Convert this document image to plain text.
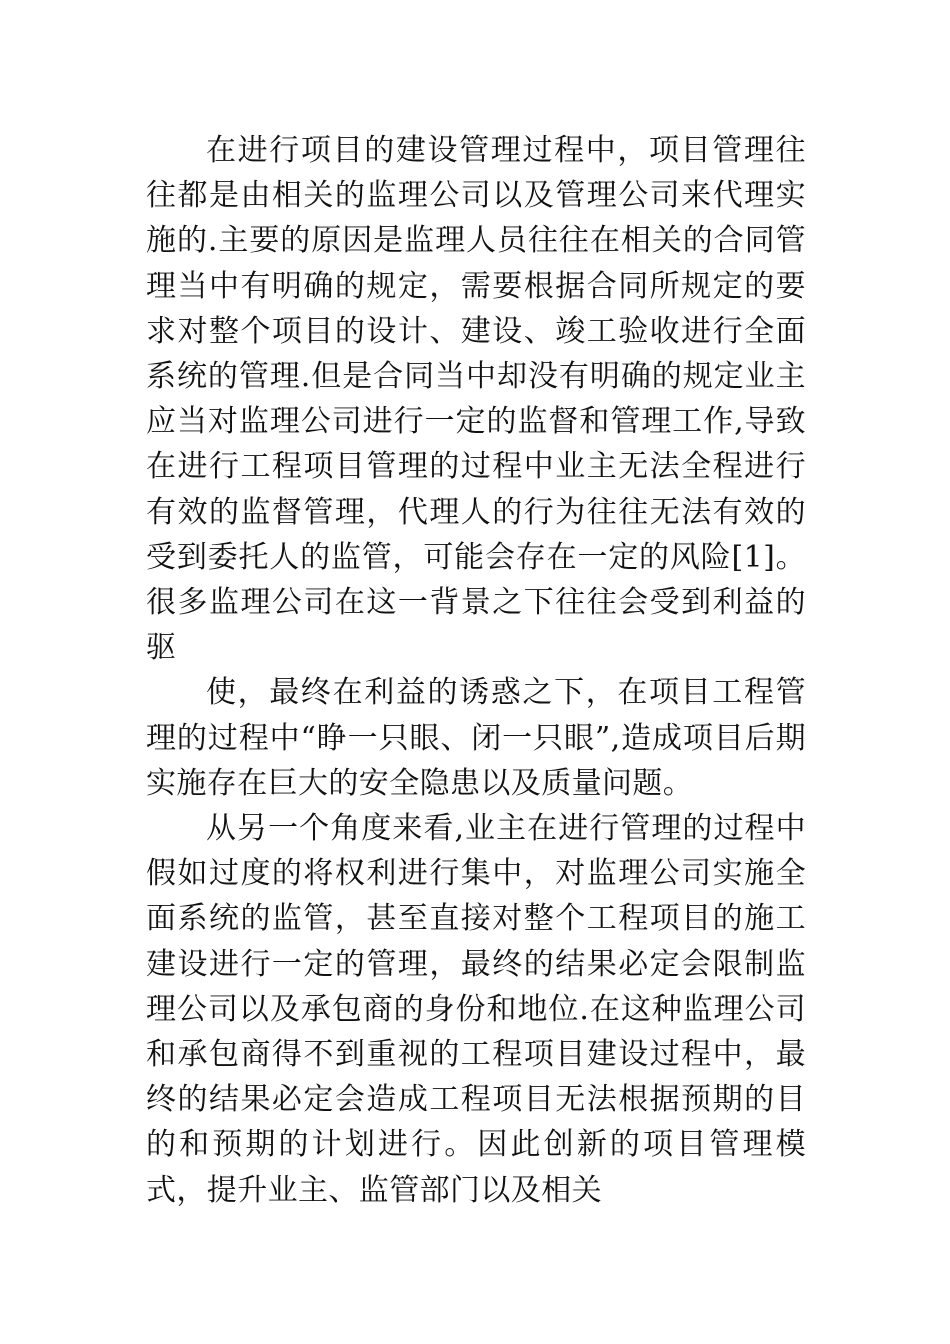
在进行项目的建设管理过程中，项目管理往往都是由相关的监理公司以及管理公司来代理实施的.主要的原因是监理人员往往在相关的合同管理当中有明确的规定，需要根据合同所规定的要求对整个项目的设计、建设、竣工验收进行全面系统的管理.但是合同当中却没有明确的规定业主应当对监理公司进行一定的监督和管理工作,导致在进行工程项目管理的过程中业主无法全程进行有效的监督管理，代理人的行为往往无法有效的受到委托人的监管，可能会存在一定的风险[1]。很多监理公司在这一背景之下往往会受到利益的驱

使，最终在利益的诱惑之下，在项目工程管理的过程中“睁一只眼、闭一只眼”,造成项目后期实施存在巨大的安全隐患以及质量问题。

从另一个角度来看,业主在进行管理的过程中假如过度的将权利进行集中，对监理公司实施全面系统的监管，甚至直接对整个工程项目的施工建设进行一定的管理，最终的结果必定会限制监理公司以及承包商的身份和地位.在这种监理公司和承包商得不到重视的工程项目建设过程中，最终的结果必定会造成工程项目无法根据预期的目的和预期的计划进行。因此创新的项目管理模式，提升业主、监管部门以及相关
